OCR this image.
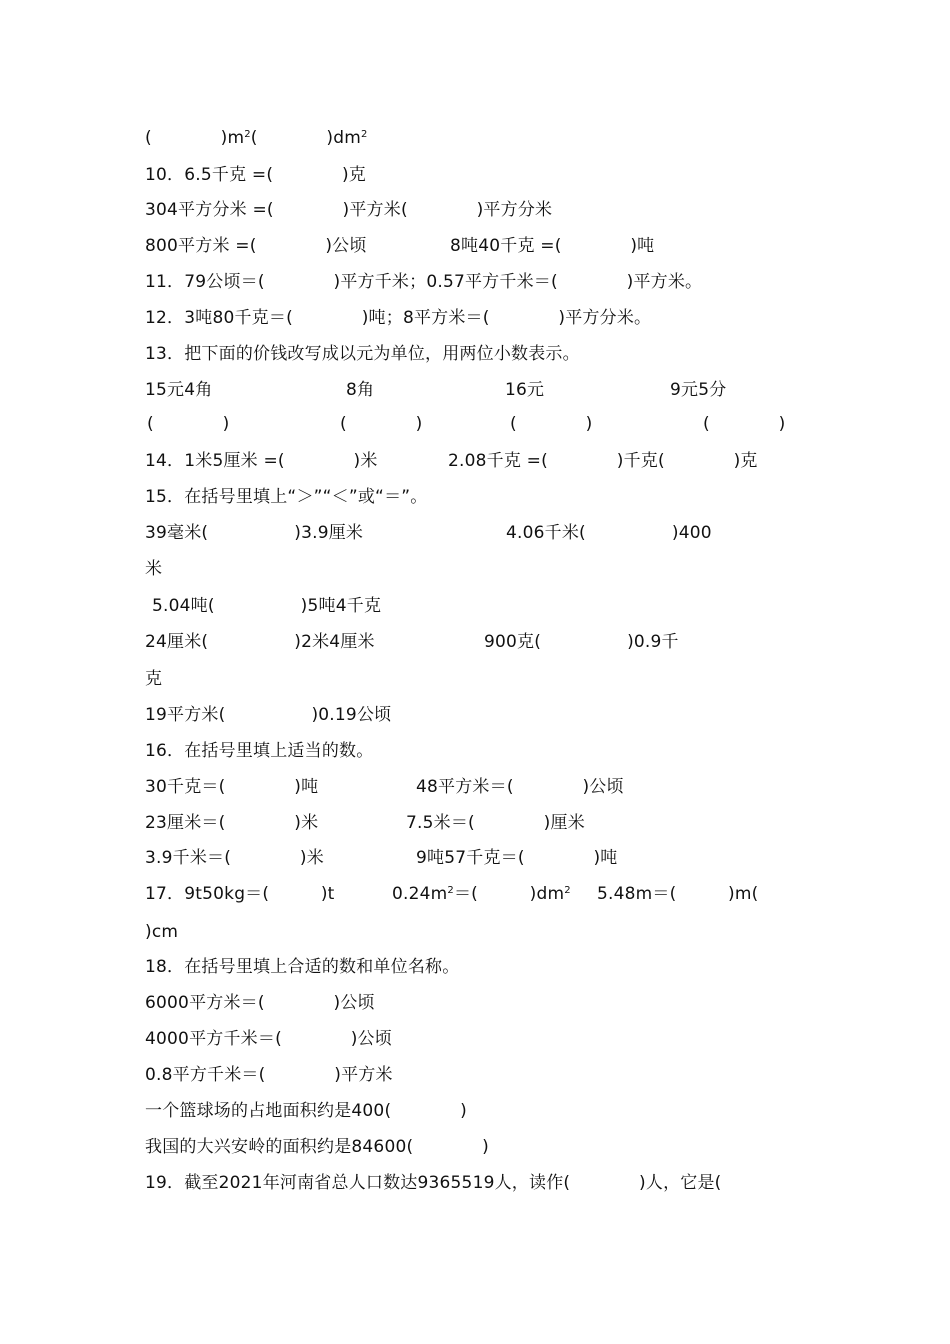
(　　　　)$m^2$(　　　　)$dm^2$
10．6.5千克 =(　　　　)克
304平方分米 =(　　　　)平方米(　　　　)平方分米
800平方米 =(　　　　)公顷	8吨40千克 =(　　　　)吨
11．79公顷＝(　　　　)平方千米；0.57平方千米＝(　　　　)平方米。
12．3吨80千克＝(　　　　)吨；8平方米＝(　　　　)平方分米。
13．把下面的价钱改写成以元为单位，用两位小数表示。
15元4角	8角	16元	9元5分
(　　　　)	(　　　　)	(　　　　)	(　　　　)
14．1米5厘米 =(　　　　)米	2.08千克 =(　　　　)千克(　　　　)克
15．在括号里填上“＞”“＜”或“＝”。
39毫米(　　　　　)3.9厘米	4.06千米(　　　　　)400
米
5.04吨(　　　　　)5吨4千克
24厘米(　　　　　)2米4厘米	900克(　　　　　)0.9千
克
19平方米(　　　　　)0.19公顷
16．在括号里填上适当的数。
30千克＝(　　　　)吨	48平方米＝(　　　　)公顷
23厘米＝(　　　　)米	7.5米＝(　　　　)厘米
3.9千米＝(　　　　)米	9吨57千克＝(　　　　)吨
17．9t50kg＝(　　　)t	$0.24m^2=$(　　　)$dm^2$ 5.48m＝(　　　)m(
)cm
18．在括号里填上合适的数和单位名称。
6000平方米＝(　　　　)公顷
4000平方千米＝(　　　　)公顷
0.8平方千米＝(　　　　)平方米
一个篮球场的占地面积约是400(　　　　)
我国的大兴安岭的面积约是84600(　　　　)
19．截至2021年河南省总人口数达9365519人，读作(　　　　)人，它是(
